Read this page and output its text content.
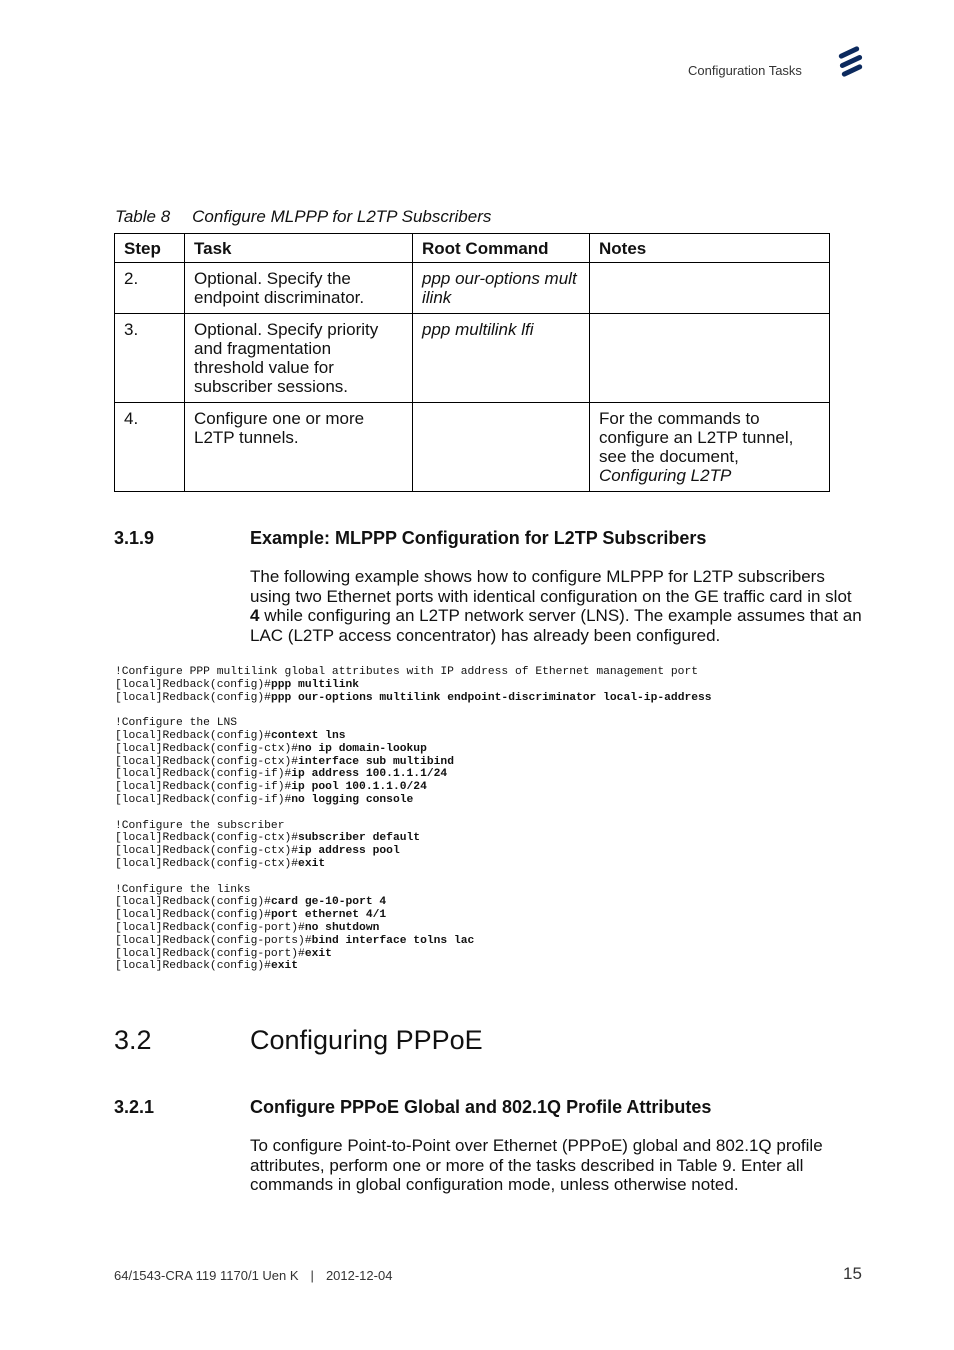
Configuration Tasks
Table 8 Configure MLPPP for L2TP Subscribers
Step	Task	Root Command	Notes
2.	Optional. Specify the endpoint discriminator.	ppp our-options mult ilink	
3.	Optional. Specify priority and fragmentation threshold value for subscriber sessions.	ppp multilink lfi	
4.	Configure one or more L2TP tunnels.		For the commands to configure an L2TP tunnel, see the document,
Configuring L2TP
3.1.9	Example: MLPPP Configuration for L2TP Subscribers
The following example shows how to configure MLPPP for L2TP subscribers using two Ethernet ports with identical configuration on the GE traffic card in slot 4 while configuring an L2TP network server (LNS). The example assumes that an LAC (L2TP access concentrator) has already been configured.
!Configure PPP multilink global attributes with IP address of Ethernet management port
[local]Redback(config)#ppp multilink
[local]Redback(config)#ppp our-options multilink endpoint-discriminator local-ip-address

!Configure the LNS
[local]Redback(config)#context lns
[local]Redback(config-ctx)#no ip domain-lookup
[local]Redback(config-ctx)#interface sub multibind
[local]Redback(config-if)#ip address 100.1.1.1/24
[local]Redback(config-if)#ip pool 100.1.1.0/24
[local]Redback(config-if)#no logging console

!Configure the subscriber
[local]Redback(config-ctx)#subscriber default
[local]Redback(config-ctx)#ip address pool
[local]Redback(config-ctx)#exit

!Configure the links
[local]Redback(config)#card ge-10-port 4
[local]Redback(config)#port ethernet 4/1
[local]Redback(config-port)#no shutdown
[local]Redback(config-ports)#bind interface tolns lac
[local]Redback(config-port)#exit
[local]Redback(config)#exit

3.2	Configuring PPPoE
3.2.1	Configure PPPoE Global and 802.1Q Profile Attributes
To configure Point-to-Point over Ethernet (PPPoE) global and 802.1Q profile attributes, perform one or more of the tasks described in Table 9. Enter all commands in global configuration mode, unless otherwise noted.
64/1543-CRA 119 1170/1 Uen K | 2012-12-04	15
